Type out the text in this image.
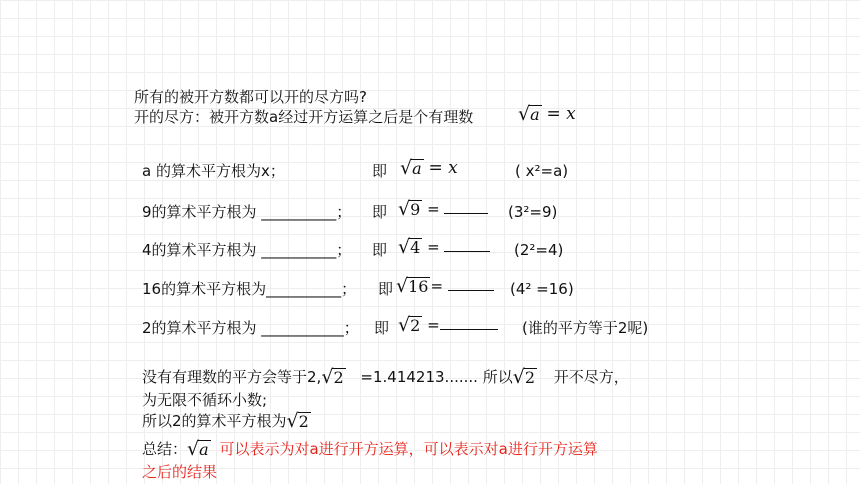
所有的被开方数都可以开的尽方吗?
开的尽方：被开方数a经过开方运算之后是个有理数 √a = x
a 的算术平方根为x；	即 √a = x	( x²=a)
9的算术平方根为 __________； 即 √9 =	(3²=9)
4的算术平方根为 __________； 即 √4 =	(2²=4)
16的算术平方根为__________； 即 √16 =	(4² =16)
2的算术平方根为 ___________； 即 √2 =	(谁的平方等于2呢)
没有有理数的平方会等于2,√2 =1.414213....... 所以√2 开不尽方，
为无限不循环小数;
所以2的算术平方根为√2
总结：√a 可以表示为对a进行开方运算，可以表示对a进行开方运算
之后的结果
